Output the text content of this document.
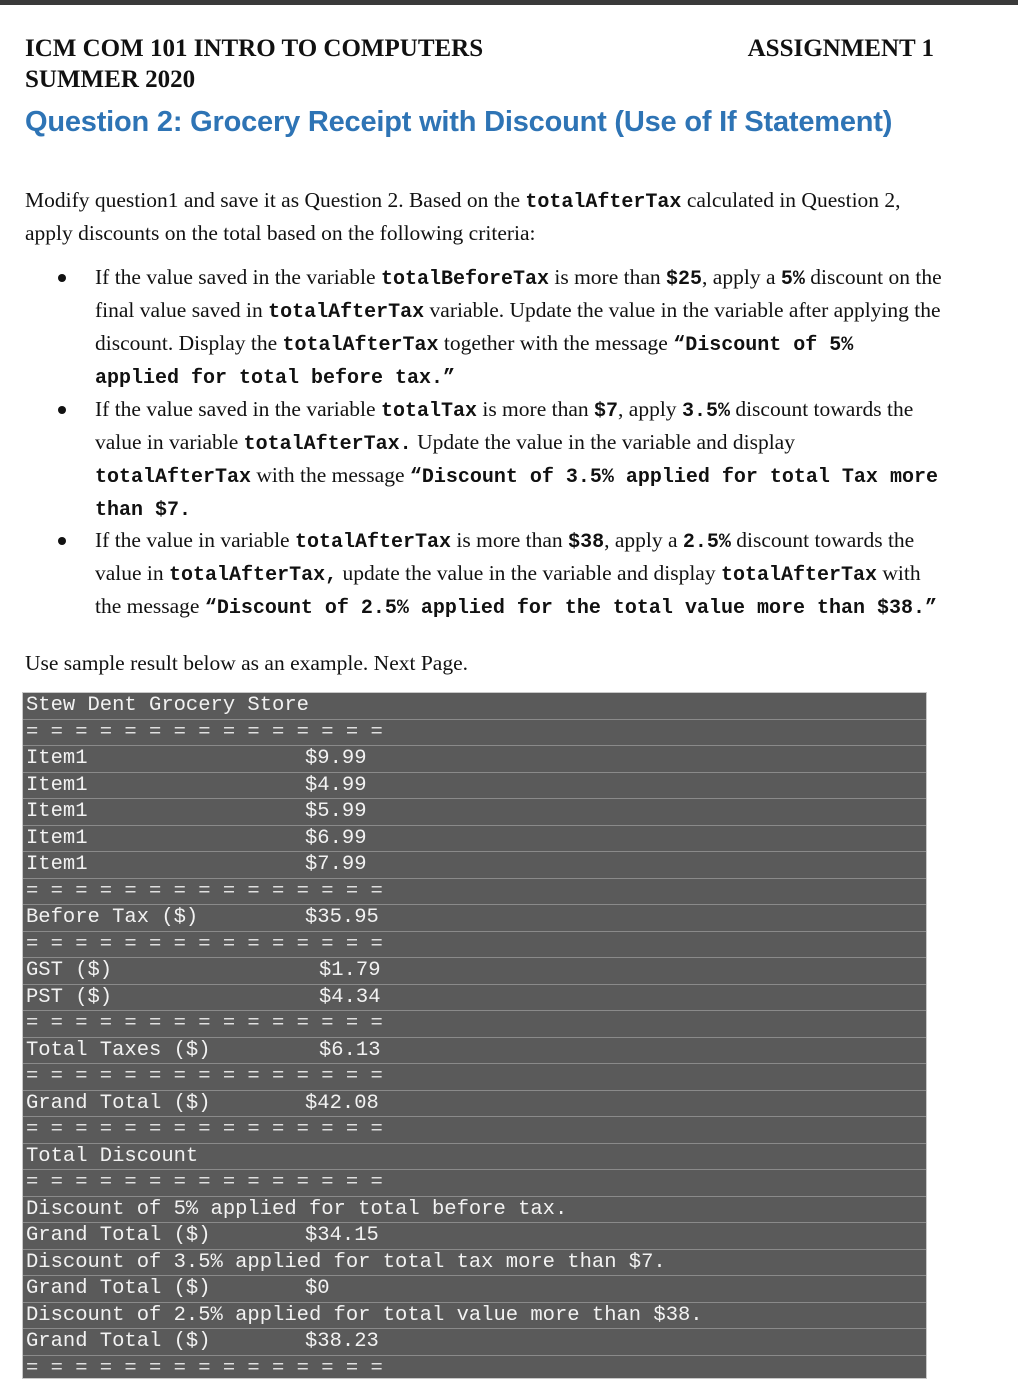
ICM COM 101 INTRO TO COMPUTERS
SUMMER 2020
ASSIGNMENT 1
Question 2: Grocery Receipt with Discount (Use of If Statement)
Modify question1 and save it as Question 2. Based on the totalAfterTax calculated in Question 2, apply discounts on the total based on the following criteria:
If the value saved in the variable totalBeforeTax is more than $25, apply a 5% discount on the final value saved in totalAfterTax variable. Update the value in the variable after applying the discount. Display the totalAfterTax together with the message “Discount of 5% applied for total before tax.”
If the value saved in the variable totalTax is more than $7, apply 3.5% discount towards the value in variable totalAfterTax. Update the value in the variable and display totalAfterTax with the message “Discount of 3.5% applied for total Tax more than $7.
If the value in variable totalAfterTax is more than $38, apply a 2.5% discount towards the value in totalAfterTax, update the value in the variable and display totalAfterTax with the message “Discount of 2.5% applied for the total value more than $38.”
Use sample result below as an example. Next Page.
Stew Dent Grocery Store
= = = = = = = = = = = = = = =
Item1	$9.99
Item1	$4.99
Item1	$5.99
Item1	$6.99
Item1	$7.99
= = = = = = = = = = = = = = =
Before Tax ($)	$35.95
= = = = = = = = = = = = = = =
GST ($)	$1.79
PST ($)	$4.34
= = = = = = = = = = = = = = =
Total Taxes ($)	$6.13
= = = = = = = = = = = = = = =
Grand Total ($)	$42.08
= = = = = = = = = = = = = = =
Total Discount
= = = = = = = = = = = = = = =
Discount of 5% applied for total before tax.
Grand Total ($)	$34.15
Discount of 3.5% applied for total tax more than $7.
Grand Total ($)	$0
Discount of 2.5% applied for total value more than $38.
Grand Total ($)	$38.23
= = = = = = = = = = = = = = =
